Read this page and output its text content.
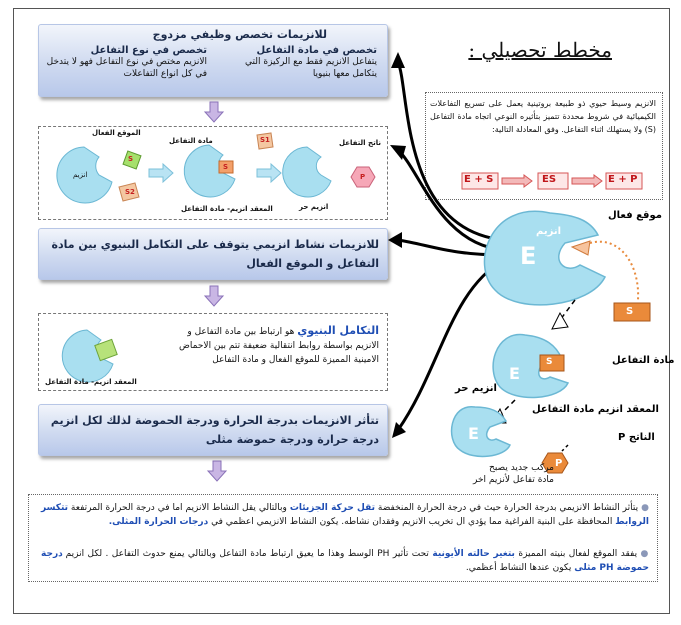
مخطط تحصيلي :
للانزيمات تخصص وظيفي مزدوج
تخصص في مادة التفاعل
يتفاعل الانزيم فقط مع الركيزة التي يتكامل معها بنيويا
تخصص في نوع التفاعل
الانزيم مختص في نوع التفاعل فهو لا يتدخل في كل انواع التفاعلات
الموقع الفعال
مادة التفاعل	ناتج التفاعل
انزيم
S
S2
S1
S
P
المعقد انزيم- مادة التفاعل	انزيم حر
للانزيمات نشاط انزيمي يتوقف على التكامل البنيوي بين مادة التفاعل و الموقع الفعال
المعقد انزيم- مادة التفاعل
التكامل البنيوي هو ارتباط بين مادة التفاعل و
الانزيم بواسطة روابط انتقالية ضعيفة تتم بين الاحماض
الامينية المميزة للموقع الفعال و مادة التفاعل
تتأثر الانزيمات بدرجة الحرارة ودرجة الحموضة لذلك لكل انزيم درجة حرارة ودرجة حموضة مثلى
الانزيم وسيط حيوي ذو طبيعة بروتينية يعمل على تسريع التفاعلات الكيميائية في شروط محددة تتميز بتأثيره النوعي اتجاه مادة التفاعل (S) ولا يستهلك اثناء التفاعل. وفق المعادلة التالية:
E + S	ES	E + P
موقع فعال
انزيم
E
S
مادة التفاعل
E
S
انزيم حر
المعقد انزيم مادة التفاعل
E	الناتج P
P
مركب جديد يصبح
مادة تفاعل لأنزيم اخر
● يتأثر النشاط الانزيمي بدرجة الحرارة حيث في درجة الحرارة المنخفضة تقل حركة الجزيئات وبالتالي يقل النشاط الانزيم اما في درجة الحرارة المرتفعة تتكسر الروابط المحافظة على البنية الفراغية مما يؤدي ال تخريب الانزيم وفقدان نشاطه. يكون النشاط الانزيمي اعظمي في درجات الحرارة المثلى.
● يفقد الموقع لفعال بنيته المميزة بتغير حالته الأيونية تحت تأثير PH الوسط وهذا ما يعيق ارتباط مادة التفاعل وبالتالي يمنع حدوث التفاعل . لكل انزيم درجة حموضة PH مثلى يكون عندها النشاط أعظمي.
